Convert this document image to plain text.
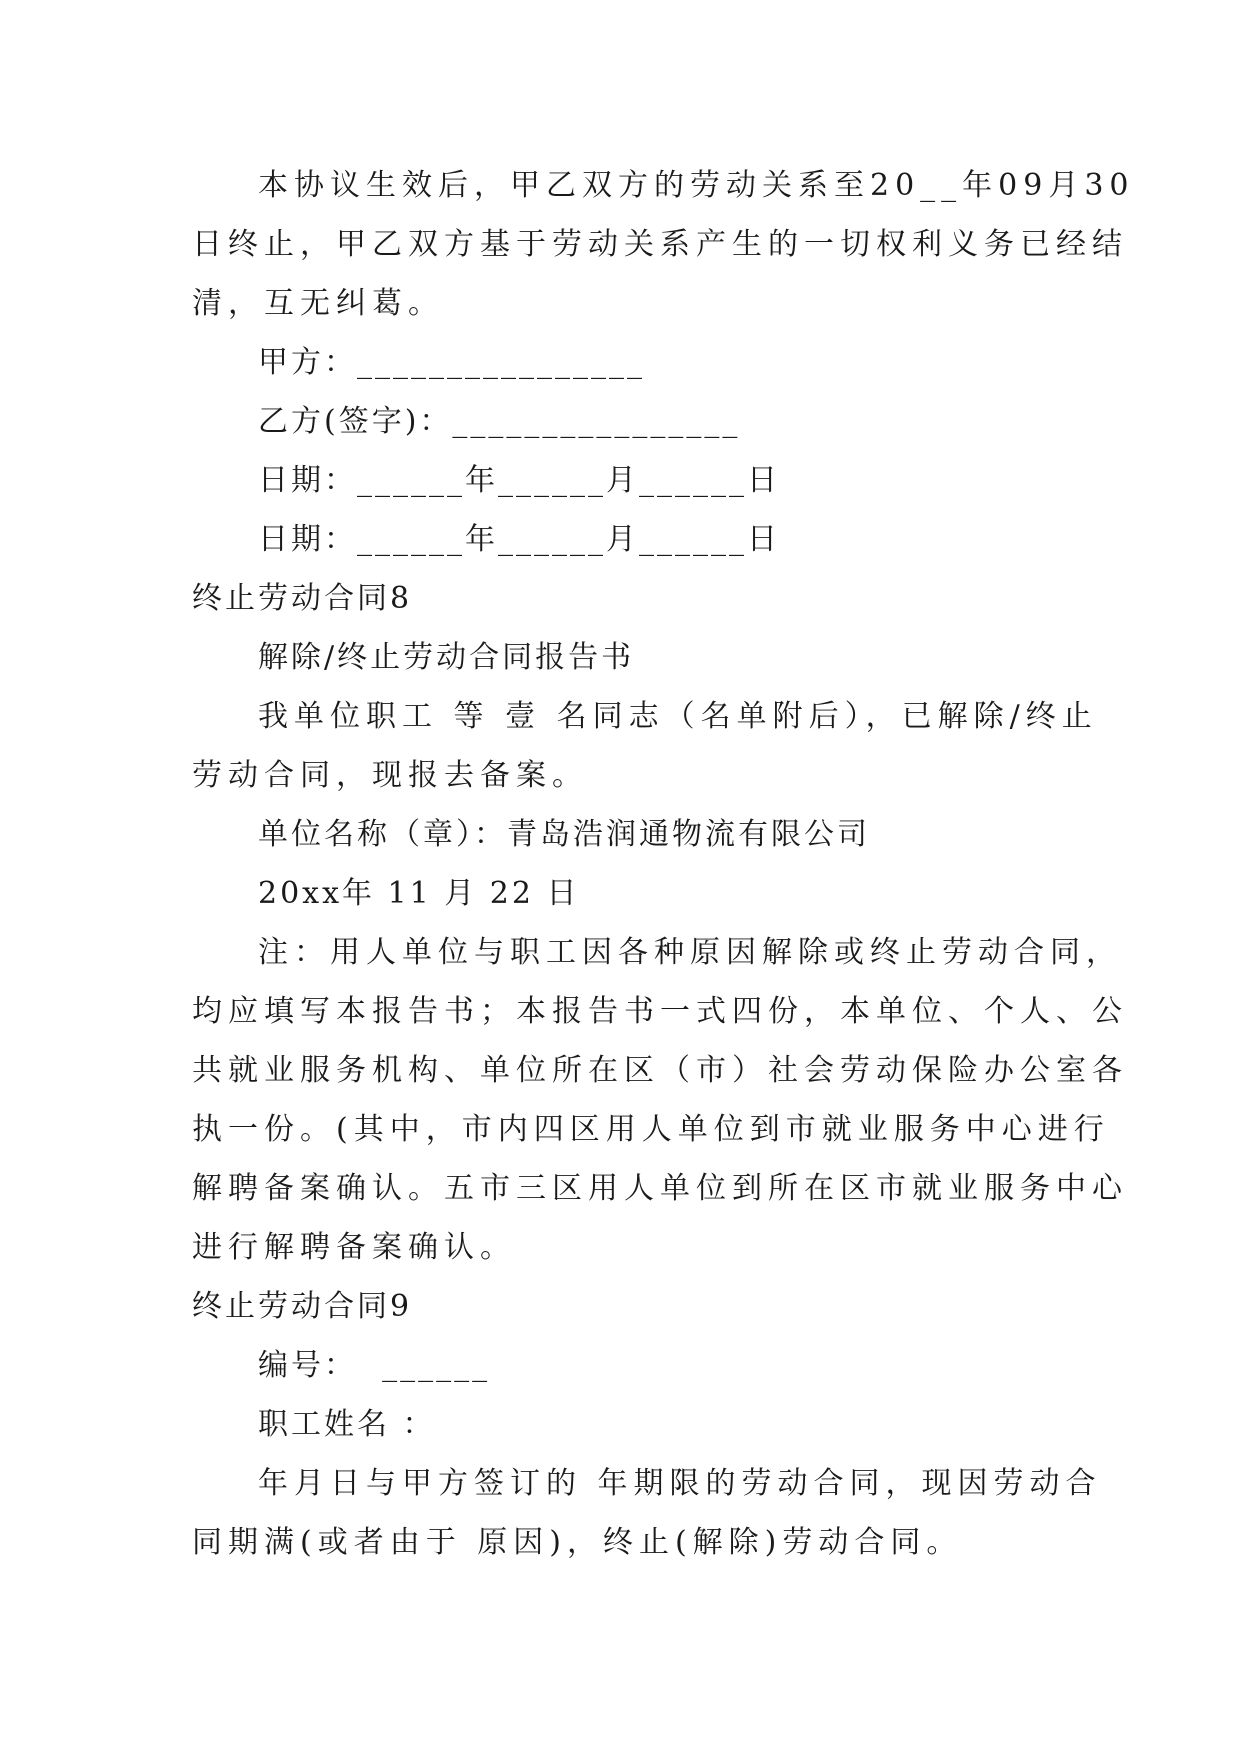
本协议生效后，甲乙双方的劳动关系至20__年09月30
日终止，甲乙双方基于劳动关系产生的一切权利义务已经结
清，互无纠葛。
甲方：________________
乙方(签字)：________________
日期：______年______月______日
日期：______年______月______日
终止劳动合同8
解除/终止劳动合同报告书
我单位职工 等 壹 名同志（名单附后），已解除/终止
劳动合同，现报去备案。
单位名称（章）：青岛浩润通物流有限公司
20xx年 11 月 22 日
注：用人单位与职工因各种原因解除或终止劳动合同，
均应填写本报告书；本报告书一式四份，本单位、个人、公
共就业服务机构、单位所在区（市）社会劳动保险办公室各
执一份。(其中，市内四区用人单位到市就业服务中心进行
解聘备案确认。五市三区用人单位到所在区市就业服务中心
进行解聘备案确认。
终止劳动合同9
编号：  ______
职工姓名 ：
年月日与甲方签订的 年期限的劳动合同，现因劳动合
同期满(或者由于 原因)，终止(解除)劳动合同。
